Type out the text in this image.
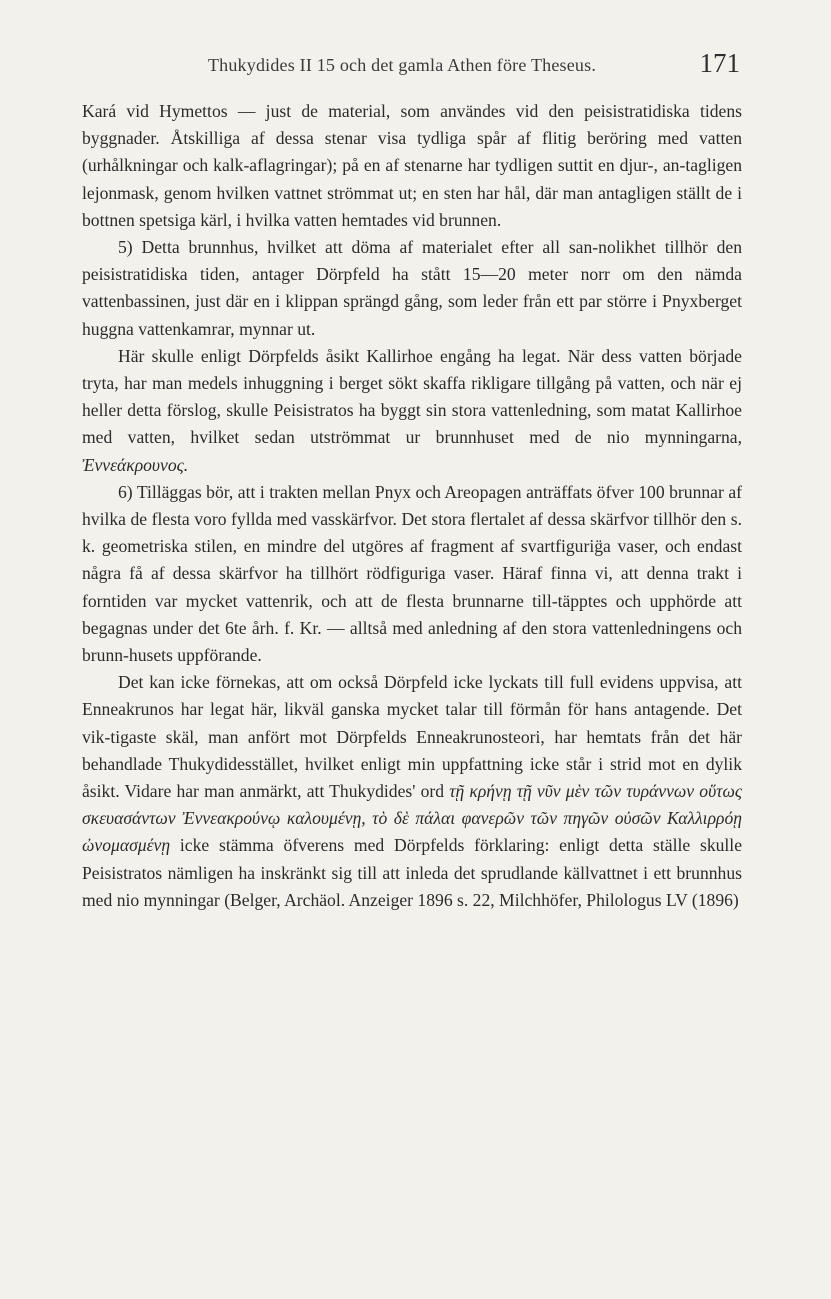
Thukydides II 15 och det gamla Athen före Theseus.	171

Kará vid Hymettos — just de material, som användes vid den peisistratidiska tidens byggnader. Åtskilliga af dessa stenar visa tydliga spår af flitig beröring med vatten (urhålkningar och kalk-aflagringar); på en af stenarne har tydligen suttit en djur-, an-tagligen lejonmask, genom hvilken vattnet strömmat ut; en sten har hål, där man antagligen ställt de i bottnen spetsiga kärl, i hvilka vatten hemtades vid brunnen.

5) Detta brunnhus, hvilket att döma af materialet efter all san-nolikhet tillhör den peisistratidiska tiden, antager Dörpfeld ha stått 15—20 meter norr om den nämda vattenbassinen, just där en i klippan sprängd gång, som leder från ett par större i Pnyxberget huggna vattenkamrar, mynnar ut.

Här skulle enligt Dörpfelds åsikt Kallirhoe engång ha legat. När dess vatten började tryta, har man medels inhuggning i berget sökt skaffa rikligare tillgång på vatten, och när ej heller detta förslog, skulle Peisistratos ha byggt sin stora vattenledning, som matat Kallirhoe med vatten, hvilket sedan utströmmat ur brunnhuset med de nio mynningarna, Ἐννεάκρουνος.

6) Tilläggas bör, att i trakten mellan Pnyx och Areopagen anträffats öfver 100 brunnar af hvilka de flesta voro fyllda med vasskärfvor. Det stora flertalet af dessa skärfvor tillhör den s. k. geometriska stilen, en mindre del utgöres af fragment af svartfigurig̈a vaser, och endast några få af dessa skärfvor ha tillhört rödfiguriga vaser. Häraf finna vi, att denna trakt i forntiden var mycket vattenrik, och att de flesta brunnarne till-täpptes och upphörde att begagnas under det 6te årh. f. Kr. — alltså med anledning af den stora vattenledningens och brunn-husets uppförande.

Det kan icke förnekas, att om också Dörpfeld icke lyckats till full evidens uppvisa, att Enneakrunos har legat här, likväl ganska mycket talar till förmån för hans antagende. Det vik-tigaste skäl, man anfört mot Dörpfelds Enneakrunosteori, har hemtats från det här behandlade Thukydidesstället, hvilket enligt min uppfattning icke står i strid mot en dylik åsikt. Vidare har man anmärkt, att Thukydides' ord τῇ κρήνῃ τῇ νῦν μὲν τῶν τυράννων οὕτως σκευασάντων Ἐννεακρούνῳ καλουμένῃ, τὸ δὲ πάλαι φανερῶν τῶν πηγῶν οὐσῶν Καλλιρρόῃ ὠνομασμένῃ icke stämma öfverens med Dörpfelds förklaring: enligt detta ställe skulle Peisistratos nämligen ha inskränkt sig till att inleda det sprudlande källvattnet i ett brunnhus med nio mynningar (Belger, Archäol. Anzeiger 1896 s. 22, Milchhöfer, Philologus LV (1896)
